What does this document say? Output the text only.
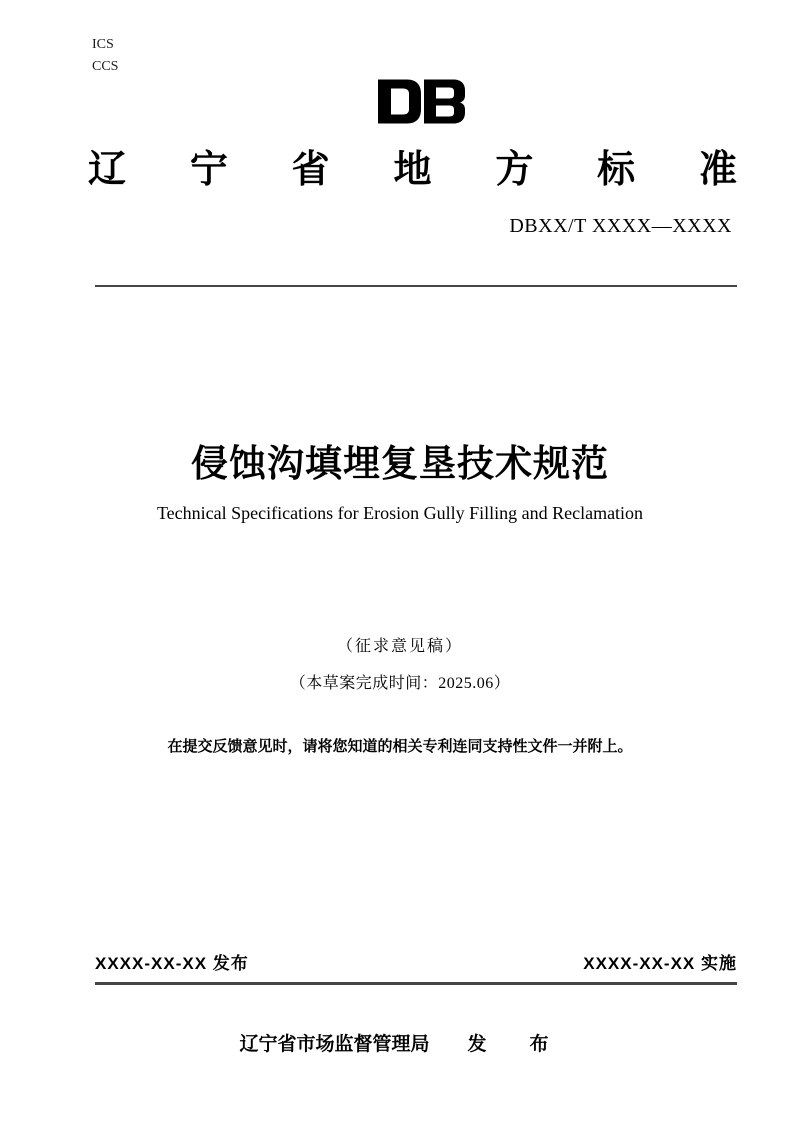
ICS
CCS
辽 宁 省 地 方 标 准
DBXX/T XXXX—XXXX
侵蚀沟填埋复垦技术规范
Technical Specifications for Erosion Gully Filling and Reclamation
（征求意见稿）
（本草案完成时间：2025.06）
在提交反馈意见时，请将您知道的相关专利连同支持性文件一并附上。
XXXX-XX-XX 发布	XXXX-XX-XX 实施
辽宁省市场监督管理局 发　布
